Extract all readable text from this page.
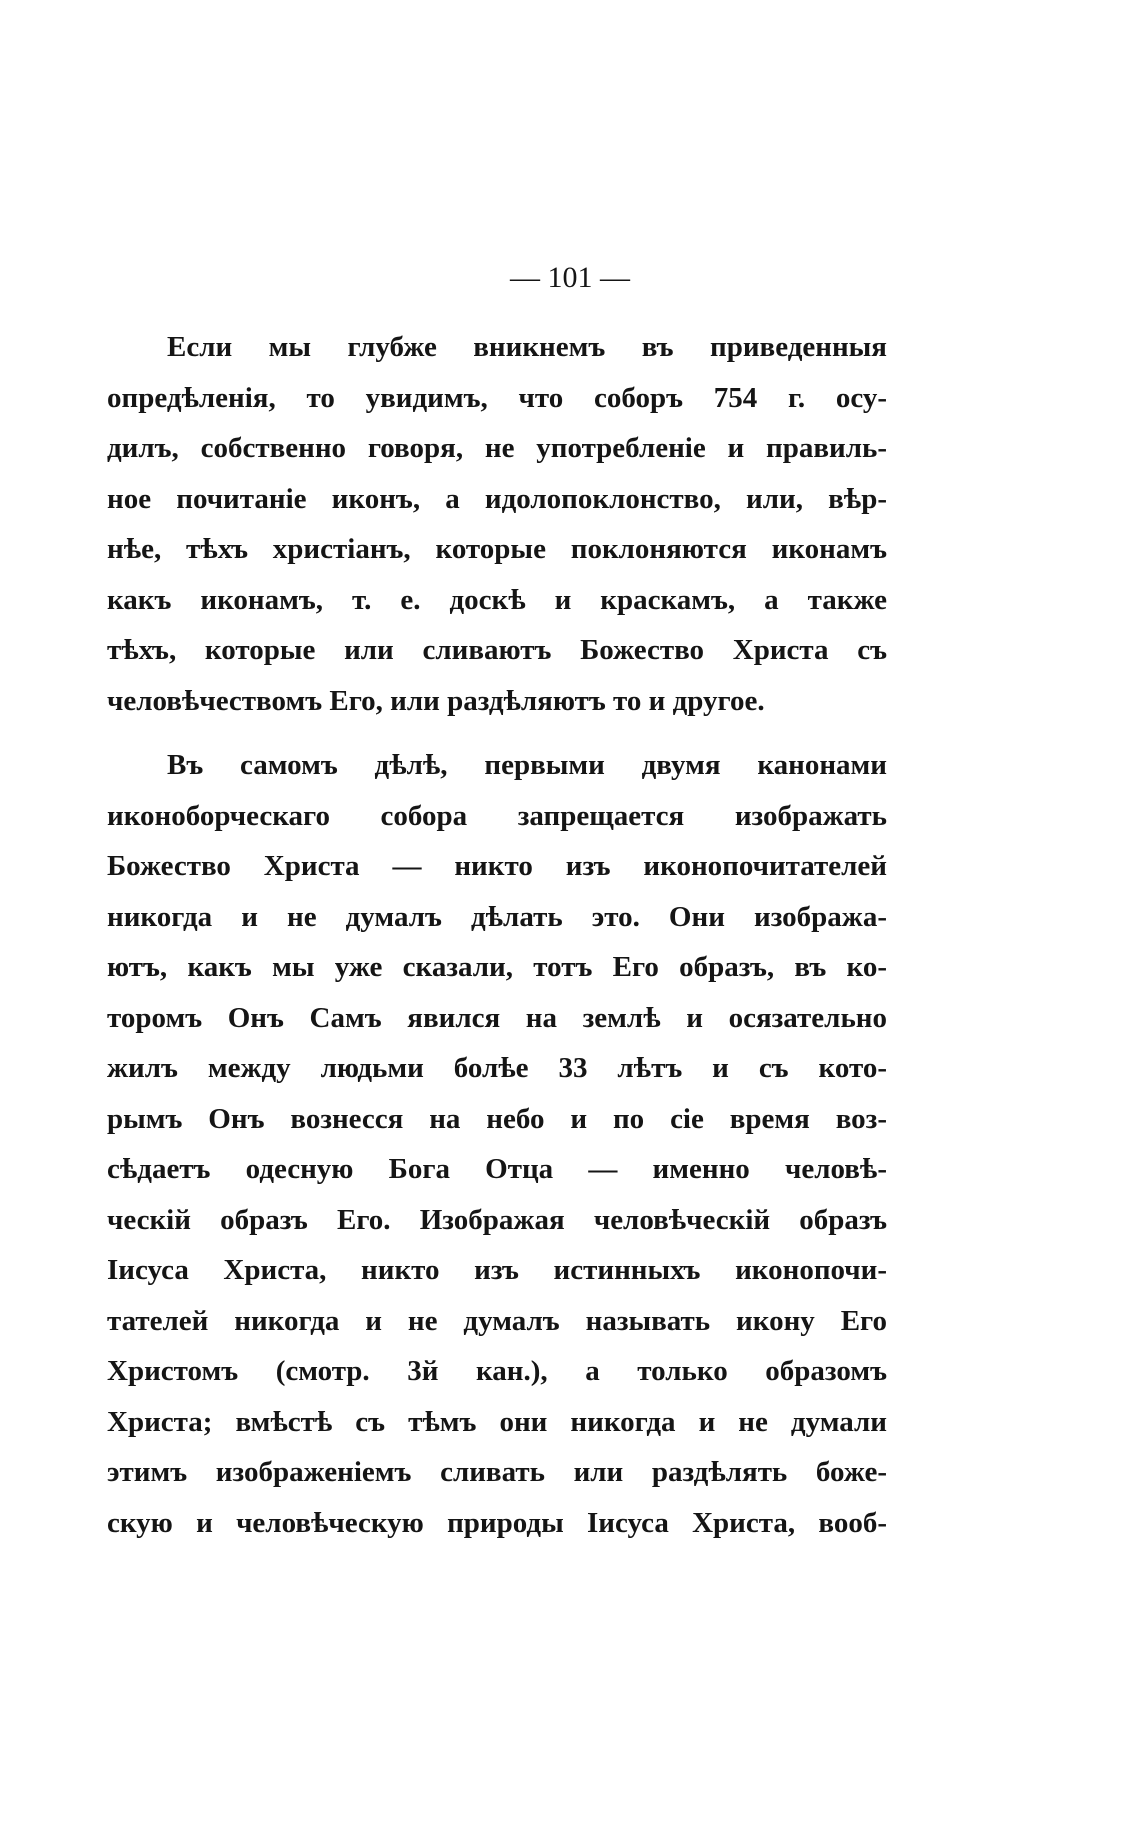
— 101 —
Если мы глубже вникнемъ въ приведенныя
опредѣленія, то увидимъ, что соборъ 754 г. осу-
дилъ, собственно говоря, не употребленіе и правиль-
ное почитаніе иконъ, а идолопоклонство, или, вѣр-
нѣе, тѣхъ христіанъ, которые поклоняются иконамъ
какъ иконамъ, т. е. доскѣ и краскамъ, а также
тѣхъ, которые или сливаютъ Божество Христа съ
человѣчествомъ Его, или раздѣляютъ то и другое.
Въ самомъ дѣлѣ, первыми двумя канонами
иконоборческаго собора запрещается изображать
Божество Христа — никто изъ иконопочитателей
никогда и не думалъ дѣлать это. Они изобража-
ютъ, какъ мы уже сказали, тотъ Его образъ, въ ко-
торомъ Онъ Самъ явился на землѣ и осязательно
жилъ между людьми болѣе 33 лѣтъ и съ кото-
рымъ Онъ вознесся на небо и по сіе время воз-
сѣдаетъ одесную Бога Отца — именно человѣ-
ческій образъ Его. Изображая человѣческій образъ
Іисуса Христа, никто изъ истинныхъ иконопочи-
тателей никогда и не думалъ называть икону Его
Христомъ (смотр. 3й кан.), а только образомъ
Христа; вмѣстѣ съ тѣмъ они никогда и не думали
этимъ изображеніемъ сливать или раздѣлять боже-
скую и человѣческую природы Іисуса Христа, вооб-
